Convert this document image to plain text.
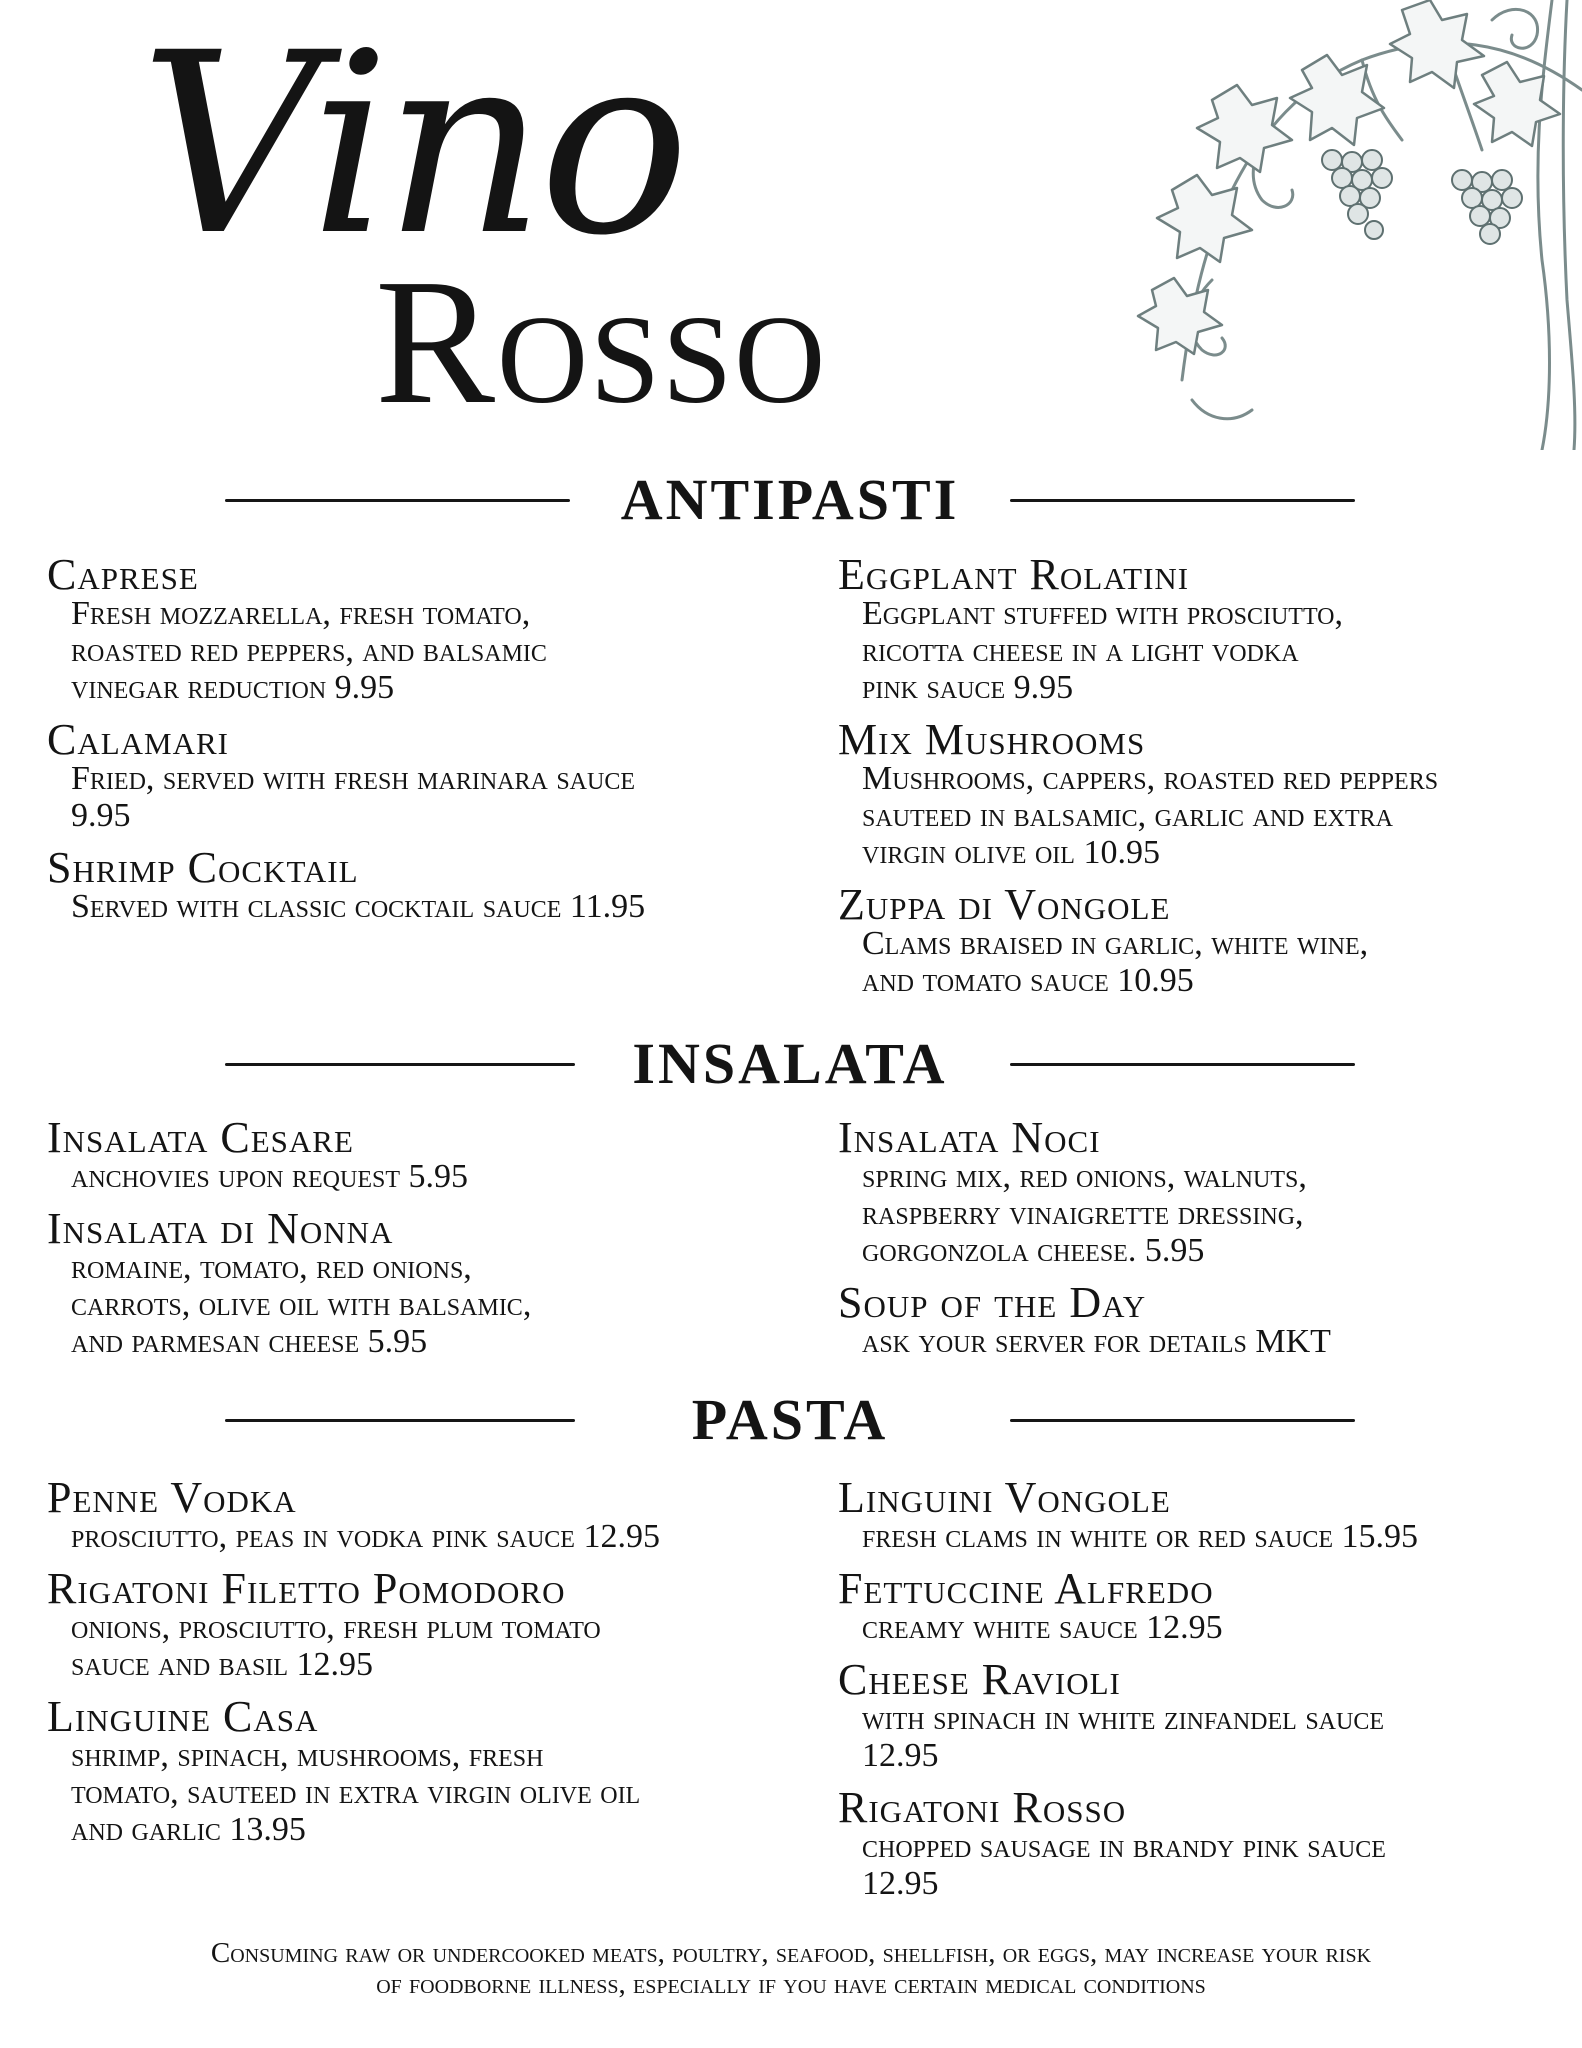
Vino
Rosso
ANTIPASTI
Caprese
Fresh mozzarella, fresh tomato,
roasted red peppers, and balsamic
vinegar reduction 9.95
Calamari
Fried, served with fresh marinara sauce
9.95
Shrimp Cocktail
Served with classic cocktail sauce 11.95
Eggplant Rolatini
Eggplant stuffed with prosciutto,
ricotta cheese in a light vodka
pink sauce 9.95
Mix Mushrooms
Mushrooms, cappers, roasted red peppers
sauteed in balsamic, garlic and extra
virgin olive oil 10.95
Zuppa di Vongole
Clams braised in garlic, white wine,
and tomato sauce 10.95
INSALATA
Insalata Cesare
anchovies upon request 5.95
Insalata di Nonna
romaine, tomato, red onions,
carrots, olive oil with balsamic,
and parmesan cheese 5.95
Insalata Noci
spring mix, red onions, walnuts,
raspberry vinaigrette dressing,
gorgonzola cheese. 5.95
Soup of the Day
ask your server for details MKT
PASTA
Penne Vodka
prosciutto, peas in vodka pink sauce 12.95
Rigatoni Filetto Pomodoro
onions, prosciutto, fresh plum tomato
sauce and basil 12.95
Linguine Casa
shrimp, spinach, mushrooms, fresh
tomato, sauteed in extra virgin olive oil
and garlic 13.95
Linguini Vongole
fresh clams in white or red sauce 15.95
Fettuccine Alfredo
creamy white sauce 12.95
Cheese Ravioli
with spinach in white zinfandel sauce
12.95
Rigatoni Rosso
chopped sausage in brandy pink sauce
12.95
Consuming raw or undercooked meats, poultry, seafood, shellfish, or eggs, may increase your risk
of foodborne illness, especially if you have certain medical conditions
